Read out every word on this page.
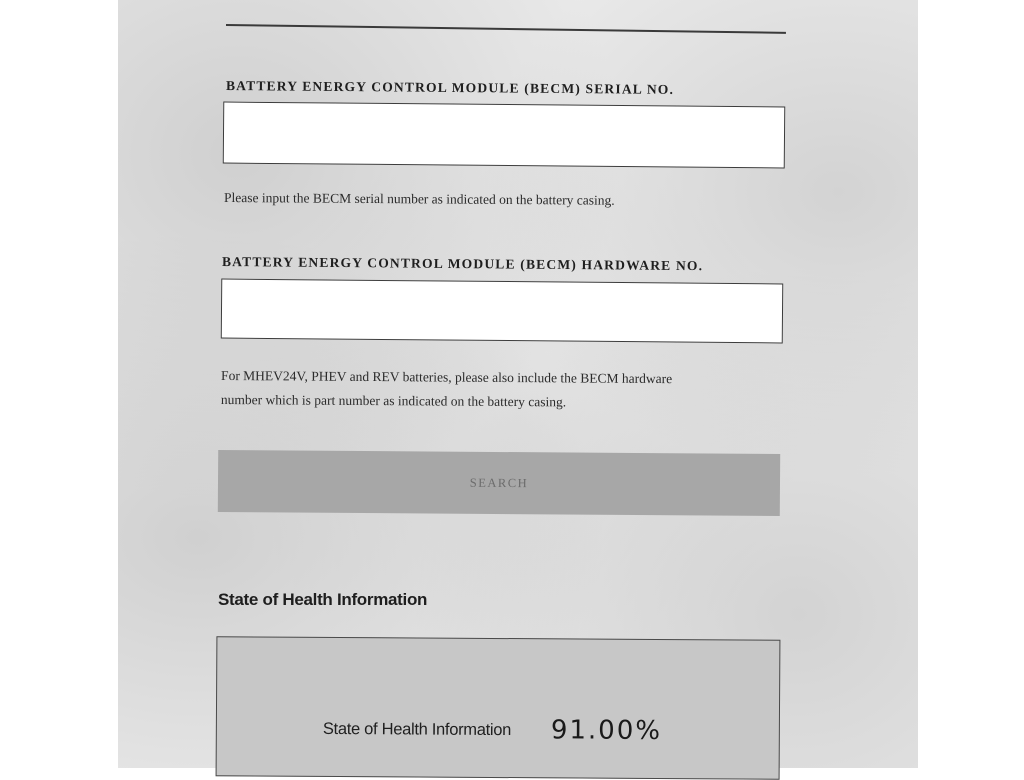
BATTERY ENERGY CONTROL MODULE (BECM) SERIAL NO.
Please input the BECM serial number as indicated on the battery casing.
BATTERY ENERGY CONTROL MODULE (BECM) HARDWARE NO.
For MHEV24V, PHEV and REV batteries, please also include the BECM hardware
number which is part number as indicated on the battery casing.
SEARCH
State of Health Information
State of Health Information 91.00%
